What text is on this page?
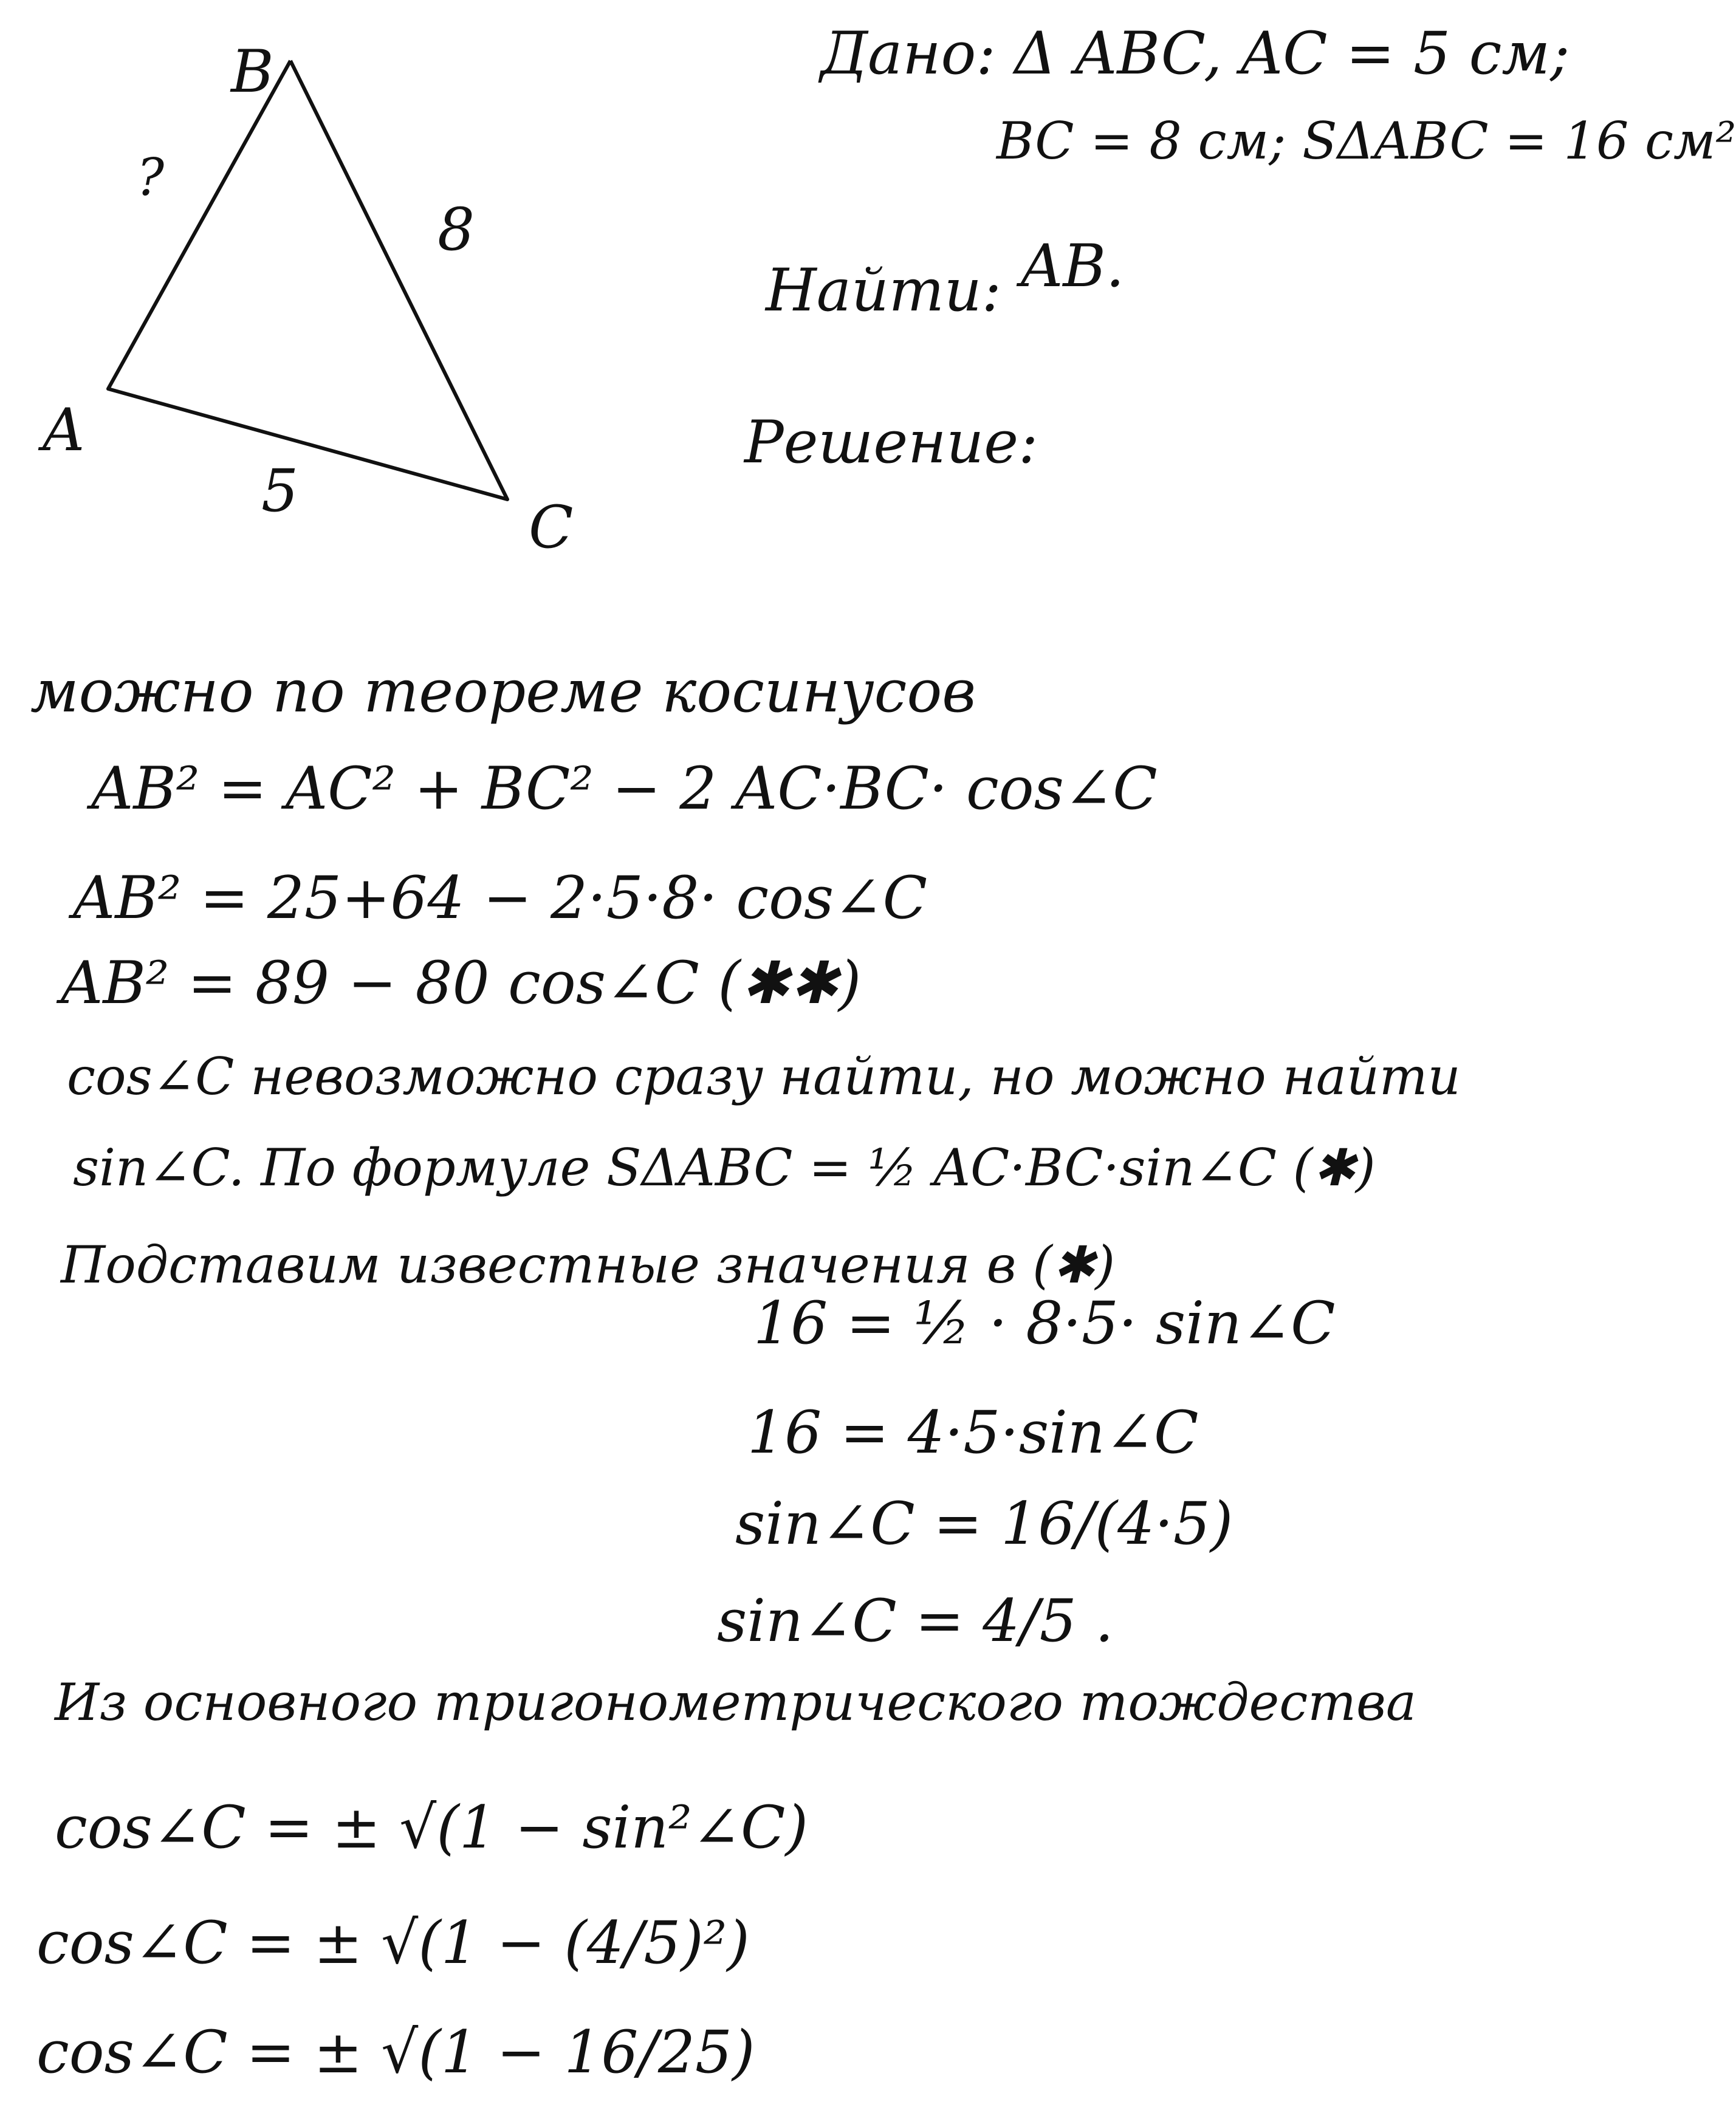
B
A
C
?
8
5
Дано: Δ ABC, AC = 5 см;
BC = 8 см; SΔABC = 16 см²
Найти: AB.
Решение:
можно по теореме косинусов
AB² = AC² + BC² − 2 AC·BC· cos∠C
AB² = 25+64 − 2·5·8· cos∠C
AB² = 89 − 80 cos∠C (✱✱)
cos∠C невозможно сразу найти, но можно найти
sin∠C. По формуле SΔABC = ½ AC·BC·sin∠C (✱)
Подставим известные значения в (✱)
16 = ½ · 8·5· sin∠C
16 = 4·5·sin∠C
sin∠C = 16/(4·5)
sin∠C = 4/5 .
Из основного тригонометрического тождества
cos∠C = ± √(1 − sin²∠C)
cos∠C = ± √(1 − (4/5)²)
cos∠C = ± √(1 − 16/25)
